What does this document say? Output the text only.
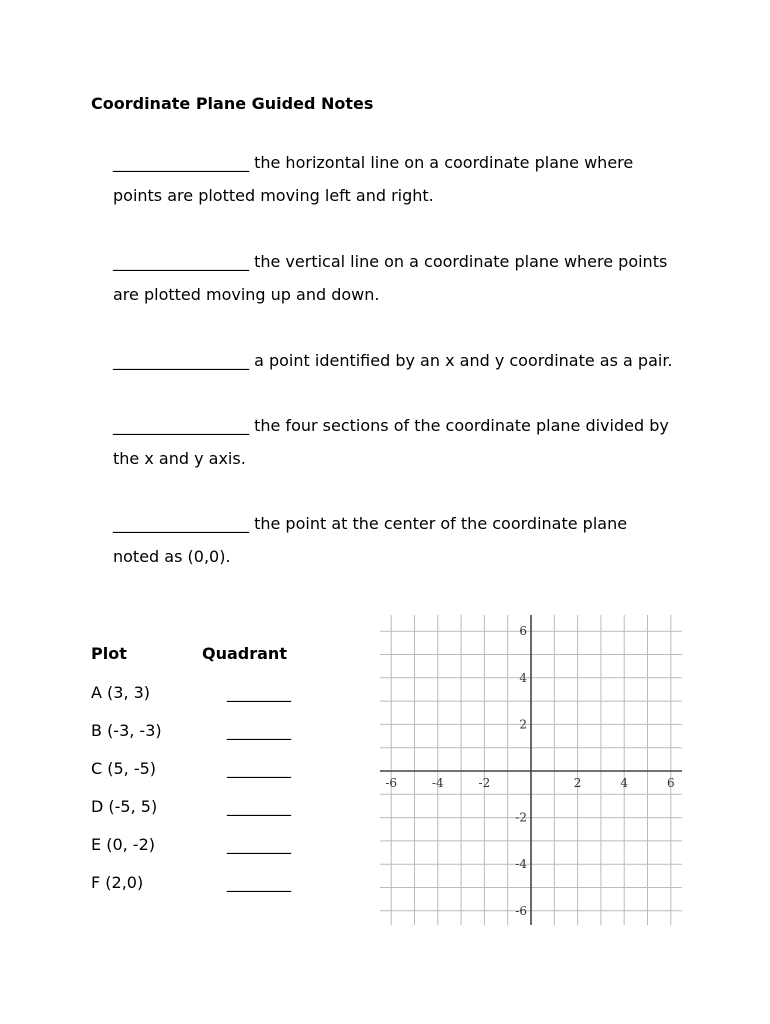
Coordinate Plane Guided Notes
_________________ the horizontal line on a coordinate plane where
points are plotted moving left and right.
_________________ the vertical line on a coordinate plane where points
are plotted moving up and down.
_________________ a point identified by an x and y coordinate as a pair.
_________________ the four sections of the coordinate plane divided by
the x and y axis.
_________________ the point at the center of the coordinate plane
noted as (0,0).
Plot	Quadrant
A (3, 3)	________
B (-3, -3)	________
C (5, -5)	________
D (-5, 5)	________
E (0, -2)	________
F (2,0)	________
-6	-4	-2	2	4	6
6
4
2
-2
-4
-6
